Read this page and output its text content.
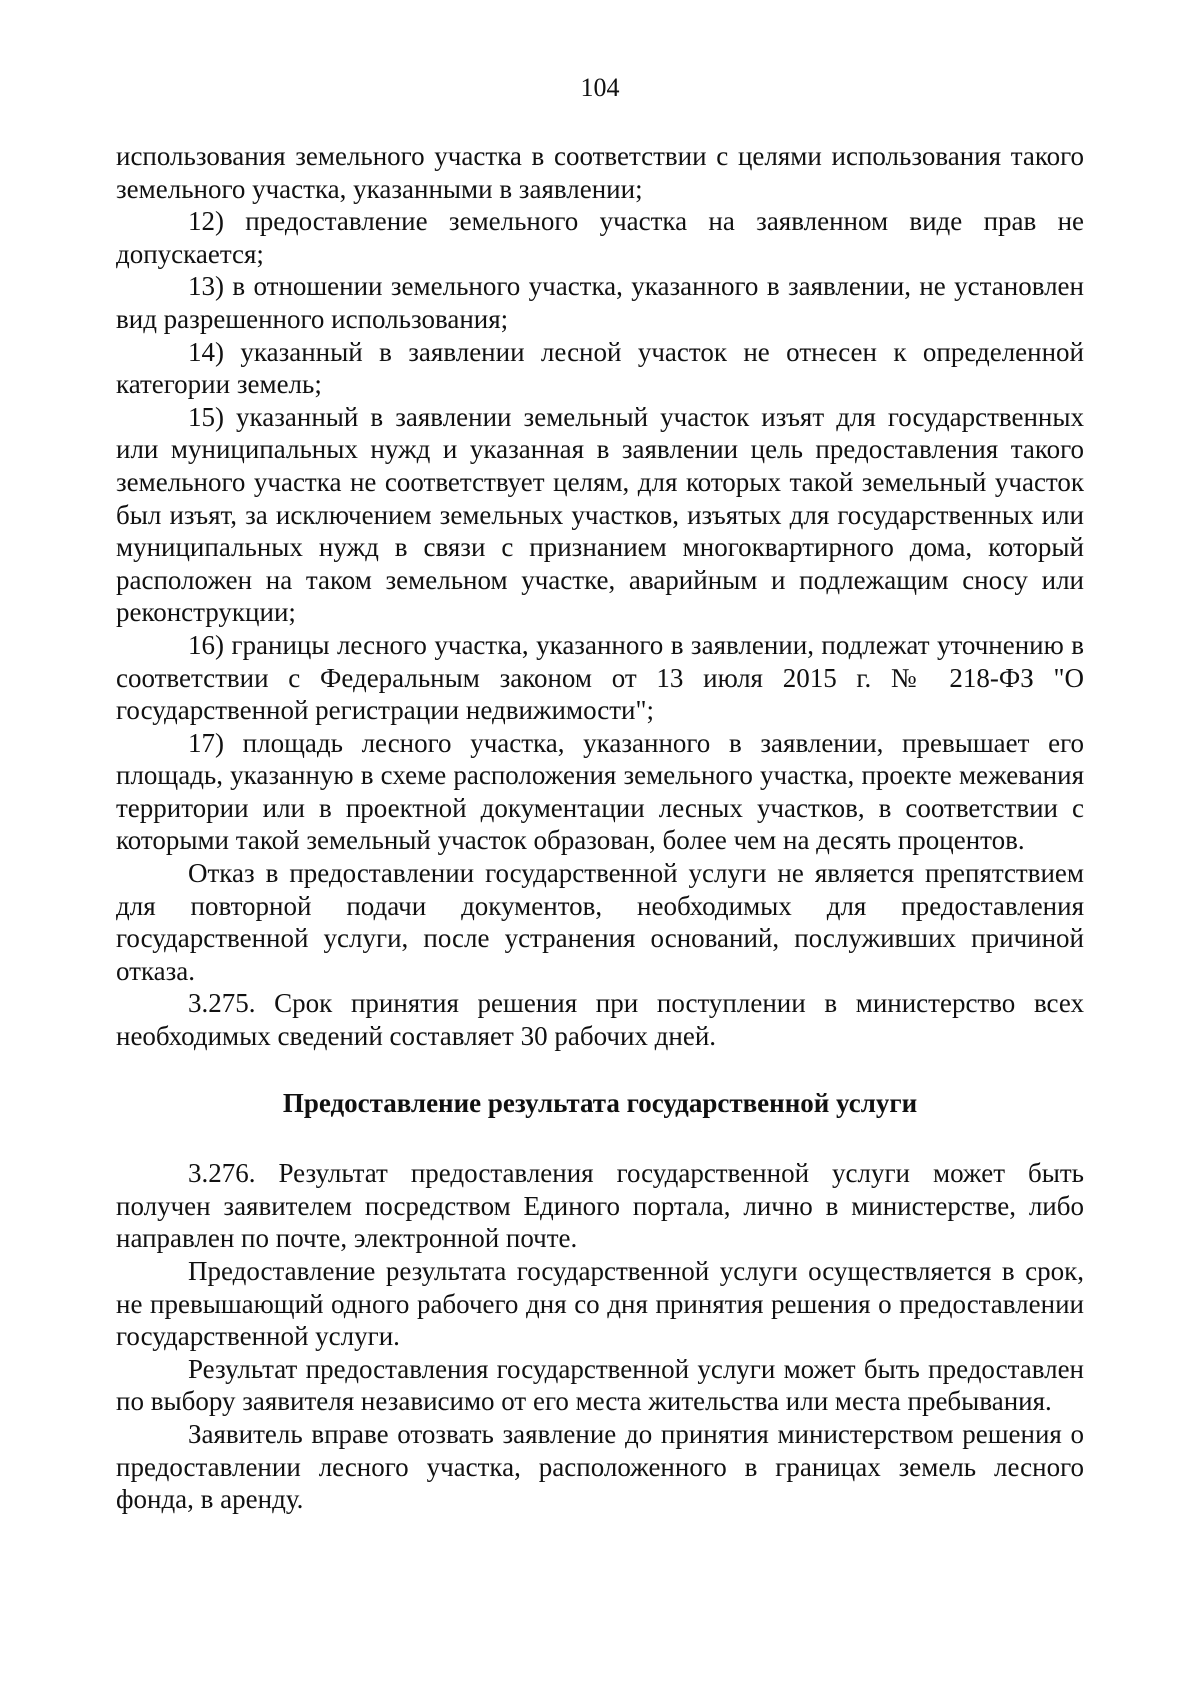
104

использования земельного участка в соответствии с целями использования такого земельного участка, указанными в заявлении;

12) предоставление земельного участка на заявленном виде прав не допускается;

13) в отношении земельного участка, указанного в заявлении, не установлен вид разрешенного использования;

14) указанный в заявлении лесной участок не отнесен к определенной категории земель;

15) указанный в заявлении земельный участок изъят для государственных или муниципальных нужд и указанная в заявлении цель предоставления такого земельного участка не соответствует целям, для которых такой земельный участок был изъят, за исключением земельных участков, изъятых для государственных или муниципальных нужд в связи с признанием многоквартирного дома, который расположен на таком земельном участке, аварийным и подлежащим сносу или реконструкции;

16) границы лесного участка, указанного в заявлении, подлежат уточнению в соответствии с Федеральным законом от 13 июля 2015 г. № 218-ФЗ "О государственной регистрации недвижимости";

17) площадь лесного участка, указанного в заявлении, превышает его площадь, указанную в схеме расположения земельного участка, проекте межевания территории или в проектной документации лесных участков, в соответствии с которыми такой земельный участок образован, более чем на десять процентов.

Отказ в предоставлении государственной услуги не является препятствием для повторной подачи документов, необходимых для предоставления государственной услуги, после устранения оснований, послуживших причиной отказа.

3.275. Срок принятия решения при поступлении в министерство всех необходимых сведений составляет 30 рабочих дней.

Предоставление результата государственной услуги

3.276. Результат предоставления государственной услуги может быть получен заявителем посредством Единого портала, лично в министерстве, либо направлен по почте, электронной почте.

Предоставление результата государственной услуги осуществляется в срок, не превышающий одного рабочего дня со дня принятия решения о предоставлении государственной услуги.

Результат предоставления государственной услуги может быть предоставлен по выбору заявителя независимо от его места жительства или места пребывания.

Заявитель вправе отозвать заявление до принятия министерством решения о предоставлении лесного участка, расположенного в границах земель лесного фонда, в аренду.
